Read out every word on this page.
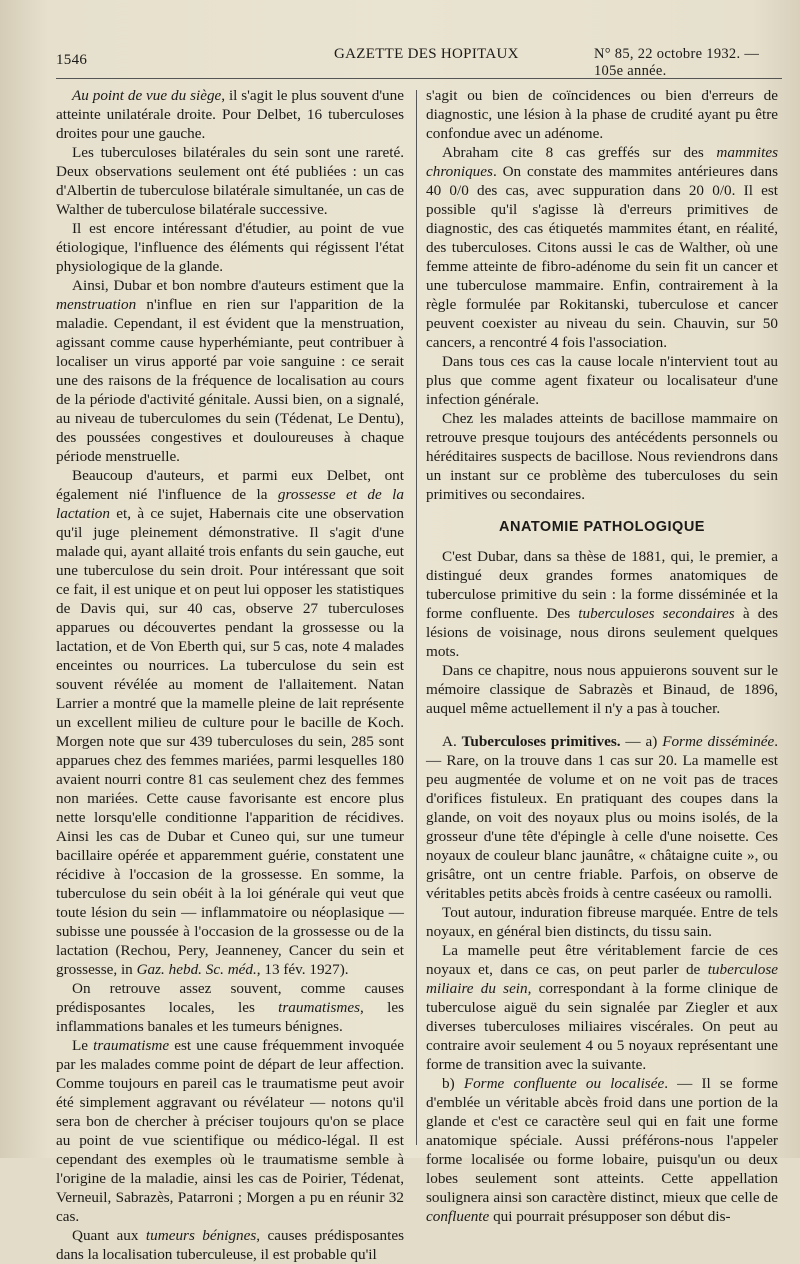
1546	GAZETTE DES HOPITAUX	N° 85, 22 octobre 1932. — 105e année.

Au point de vue du siège, il s'agit le plus souvent d'une atteinte unilatérale droite. Pour Delbet, 16 tuberculoses droites pour une gauche.

Les tuberculoses bilatérales du sein sont une rareté. Deux observations seulement ont été publiées : un cas d'Albertin de tuberculose bilatérale simultanée, un cas de Walther de tuberculose bilatérale successive.

Il est encore intéressant d'étudier, au point de vue étiologique, l'influence des éléments qui régissent l'état physiologique de la glande.

Ainsi, Dubar et bon nombre d'auteurs estiment que la menstruation n'influe en rien sur l'apparition de la maladie. Cependant, il est évident que la menstruation, agissant comme cause hyperhémiante, peut contribuer à localiser un virus apporté par voie sanguine : ce serait une des raisons de la fréquence de localisation au cours de la période d'activité génitale. Aussi bien, on a signalé, au niveau de tuberculomes du sein (Tédenat, Le Dentu), des poussées congestives et douloureuses à chaque période menstruelle.

Beaucoup d'auteurs, et parmi eux Delbet, ont également nié l'influence de la grossesse et de la lactation et, à ce sujet, Habernais cite une observation qu'il juge pleinement démonstrative. Il s'agit d'une malade qui, ayant allaité trois enfants du sein gauche, eut une tuberculose du sein droit. Pour intéressant que soit ce fait, il est unique et on peut lui opposer les statistiques de Davis qui, sur 40 cas, observe 27 tuberculoses apparues ou découvertes pendant la grossesse ou la lactation, et de Von Eberth qui, sur 5 cas, note 4 malades enceintes ou nourrices. La tuberculose du sein est souvent révélée au moment de l'allaitement. Natan Larrier a montré que la mamelle pleine de lait représente un excellent milieu de culture pour le bacille de Koch. Morgen note que sur 439 tuberculoses du sein, 285 sont apparues chez des femmes mariées, parmi lesquelles 180 avaient nourri contre 81 cas seulement chez des femmes non mariées. Cette cause favorisante est encore plus nette lorsqu'elle conditionne l'apparition de récidives. Ainsi les cas de Dubar et Cuneo qui, sur une tumeur bacillaire opérée et apparemment guérie, constatent une récidive à l'occasion de la grossesse. En somme, la tuberculose du sein obéit à la loi générale qui veut que toute lésion du sein — inflammatoire ou néoplasique — subisse une poussée à l'occasion de la grossesse ou de la lactation (Rechou, Pery, Jeanneney, Cancer du sein et grossesse, in Gaz. hebd. Sc. méd., 13 fév. 1927).

On retrouve assez souvent, comme causes prédisposantes locales, les traumatismes, les inflammations banales et les tumeurs bénignes.

Le traumatisme est une cause fréquemment invoquée par les malades comme point de départ de leur affection. Comme toujours en pareil cas le traumatisme peut avoir été simplement aggravant ou révélateur — notons qu'il sera bon de chercher à préciser toujours qu'on se place au point de vue scientifique ou médico-légal. Il est cependant des exemples où le traumatisme semble à l'origine de la maladie, ainsi les cas de Poirier, Tédenat, Verneuil, Sabrazès, Patarroni ; Morgen a pu en réunir 32 cas.

Quant aux tumeurs bénignes, causes prédisposantes dans la localisation tuberculeuse, il est probable qu'il

s'agit ou bien de coïncidences ou bien d'erreurs de diagnostic, une lésion à la phase de crudité ayant pu être confondue avec un adénome.

Abraham cite 8 cas greffés sur des mammites chroniques. On constate des mammites antérieures dans 40 0/0 des cas, avec suppuration dans 20 0/0. Il est possible qu'il s'agisse là d'erreurs primitives de diagnostic, des cas étiquetés mammites étant, en réalité, des tuberculoses. Citons aussi le cas de Walther, où une femme atteinte de fibro-adénome du sein fit un cancer et une tuberculose mammaire. Enfin, contrairement à la règle formulée par Rokitanski, tuberculose et cancer peuvent coexister au niveau du sein. Chauvin, sur 50 cancers, a rencontré 4 fois l'association.

Dans tous ces cas la cause locale n'intervient tout au plus que comme agent fixateur ou localisateur d'une infection générale.

Chez les malades atteints de bacillose mammaire on retrouve presque toujours des antécédents personnels ou héréditaires suspects de bacillose. Nous reviendrons dans un instant sur ce problème des tuberculoses du sein primitives ou secondaires.

ANATOMIE PATHOLOGIQUE

C'est Dubar, dans sa thèse de 1881, qui, le premier, a distingué deux grandes formes anatomiques de tuberculose primitive du sein : la forme disséminée et la forme confluente. Des tuberculoses secondaires à des lésions de voisinage, nous dirons seulement quelques mots.

Dans ce chapitre, nous nous appuierons souvent sur le mémoire classique de Sabrazès et Binaud, de 1896, auquel même actuellement il n'y a pas à toucher.

A. Tuberculoses primitives. — a) Forme disséminée. — Rare, on la trouve dans 1 cas sur 20. La mamelle est peu augmentée de volume et on ne voit pas de traces d'orifices fistuleux. En pratiquant des coupes dans la glande, on voit des noyaux plus ou moins isolés, de la grosseur d'une tête d'épingle à celle d'une noisette. Ces noyaux de couleur blanc jaunâtre, « châtaigne cuite », ou grisâtre, ont un centre friable. Parfois, on observe de véritables petits abcès froids à centre caséeux ou ramolli.

Tout autour, induration fibreuse marquée. Entre de tels noyaux, en général bien distincts, du tissu sain.

La mamelle peut être véritablement farcie de ces noyaux et, dans ce cas, on peut parler de tuberculose miliaire du sein, correspondant à la forme clinique de tuberculose aiguë du sein signalée par Ziegler et aux diverses tuberculoses miliaires viscérales. On peut au contraire avoir seulement 4 ou 5 noyaux représentant une forme de transition avec la suivante.

b) Forme confluente ou localisée. — Il se forme d'emblée un véritable abcès froid dans une portion de la glande et c'est ce caractère seul qui en fait une forme anatomique spéciale. Aussi préférons-nous l'appeler forme localisée ou forme lobaire, puisqu'un ou deux lobes seulement sont atteints. Cette appellation soulignera ainsi son caractère distinct, mieux que celle de confluente qui pourrait présupposer son début dis-
